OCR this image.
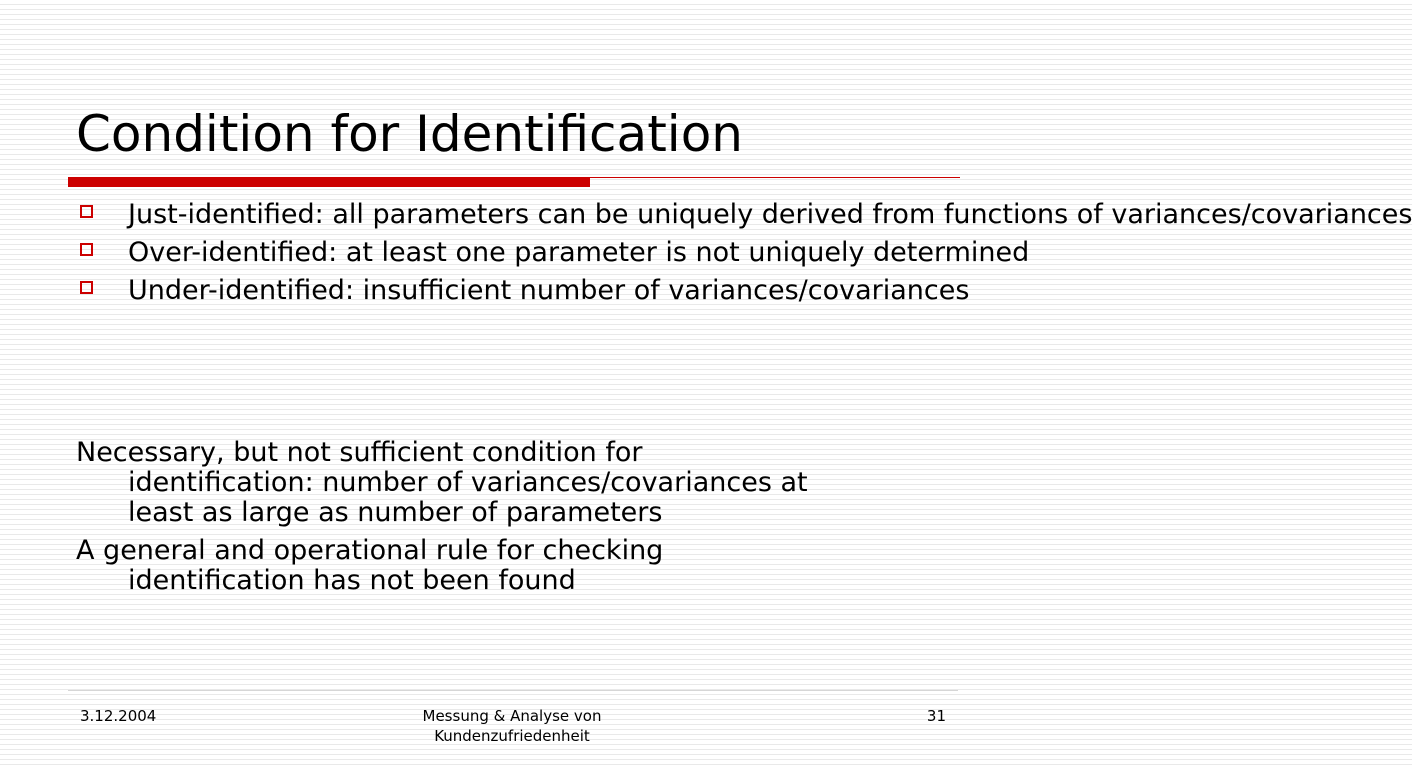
Condition for Identification
Just-identified: all parameters can be uniquely derived from functions of variances/covariances
Over-identified: at least one parameter is not uniquely determined
Under-identified: insufficient number of variances/covariances

Necessary, but not sufficient condition for
identification: number of variances/covariances at
least as large as number of parameters

A general and operational rule for checking
identification has not been found

3.12.2004	Messung & Analyse von
Kundenzufriedenheit
31
